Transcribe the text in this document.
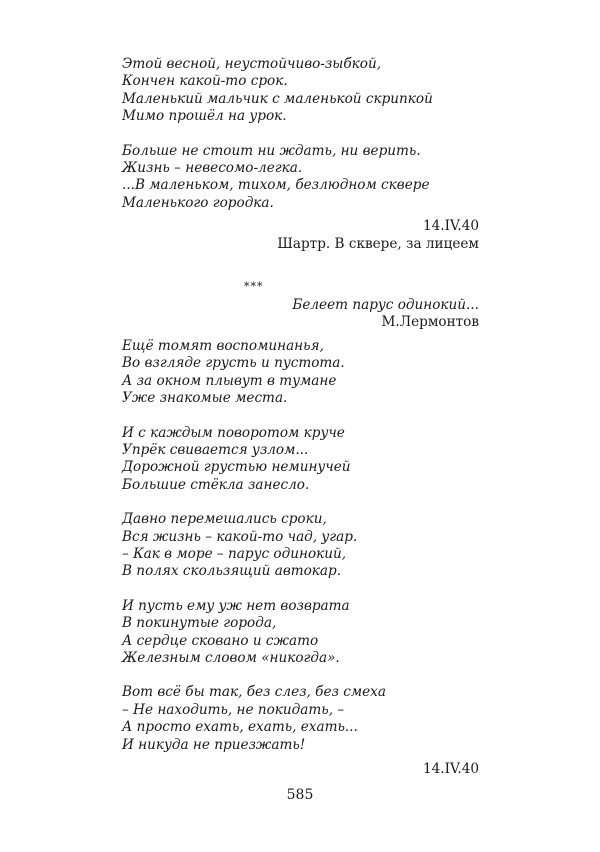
Этой весной, неустойчиво-зыбкой,
Кончен какой-то срок.
Маленький мальчик с маленькой скрипкой
Мимо прошёл на урок.
Больше не стоит ни ждать, ни верить.
Жизнь – невесомо-легка.
...В маленьком, тихом, безлюдном сквере
Маленького городка.
14.IV.40
Шартр. В сквере, за лицеем
***
Белеет парус одинокий...
М.Лермонтов
Ещё томят воспоминанья,
Во взгляде грусть и пустота.
А за окном плывут в тумане
Уже знакомые места.
И с каждым поворотом круче
Упрёк свивается узлом...
Дорожной грустью неминучей
Большие стёкла занесло.
Давно перемешались сроки,
Вся жизнь – какой-то чад, угар.
– Как в море – парус одинокий,
В полях скользящий автокар.
И пусть ему уж нет возврата
В покинутые города,
А сердце сковано и сжато
Железным словом «никогда».
Вот всё бы так, без слез, без смеха
– Не находить, не покидать, –
А просто ехать, ехать, ехать...
И никуда не приезжать!
14.IV.40
585
